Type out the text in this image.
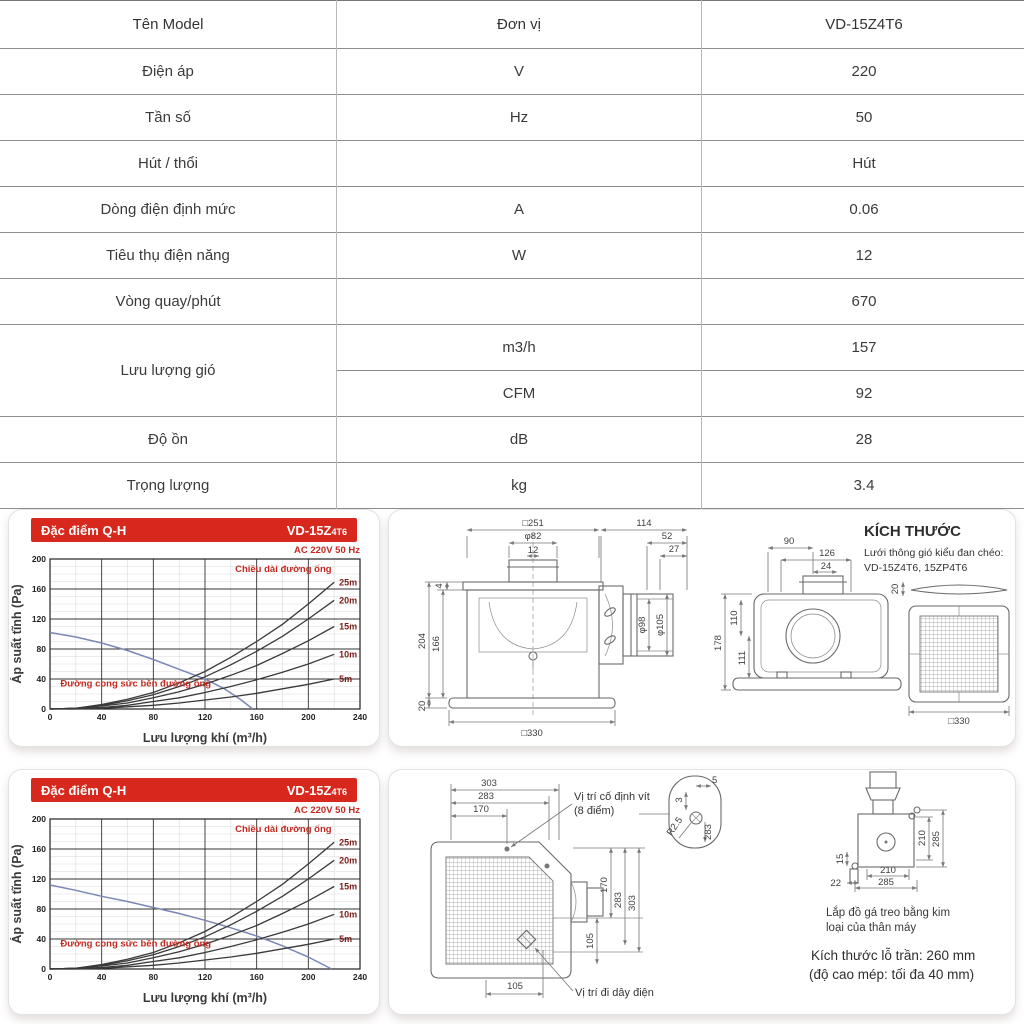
Tên Model	Đơn vị	VD-15Z4T6
Điện áp	V	220
Tần số	Hz	50
Hút / thổi		Hút
Dòng điện định mức	A	0.06
Tiêu thụ điện năng	W	12
Vòng quay/phút		670
Lưu lượng gió	m3/h	157
	CFM	92
Độ ồn	dB	28
Trọng lượng	kg	3.4
Đặc điểm Q-H	VD-15Z4T6
0	40	80	120	160	200	240
0
40
80
120
160
200
25m
20m
15m
10m
5m
AC 220V 50 Hz
Chiều dài đường ống
Đường cong sức bền đường ống
Lưu lượng khí (m³/h)
Áp suất tĩnh (Pa)
□251
φ82
12
114
52
27
4
204 166
20
□330
φ98 φ105
90
126
24
178
110
111
KÍCH THƯỚC
Lưới thông gió kiểu đan chéo:
VD-15Z4T6, 15ZP4T6
20
□330
Đặc điểm Q-H	VD-15Z4T6
0	40	80	120	160	200	240
0
40
80
120
160
200
25m
20m
15m
10m
5m
AC 220V 50 Hz
Chiều dài đường ống
Đường cong sức bền đường ống
Lưu lượng khí (m³/h)
Áp suất tĩnh (Pa)
303
283
170
Vị trí cố định vít
(8 điểm)
170
283 303
105
105
Vị trí đi dây điện
5
3
R2.5 283	210 285
210
285
15
22
Lắp đồ gá treo bằng kim
loại của thân máy
Kích thước lỗ trần: 260 mm
(độ cao mép: tối đa 40 mm)
